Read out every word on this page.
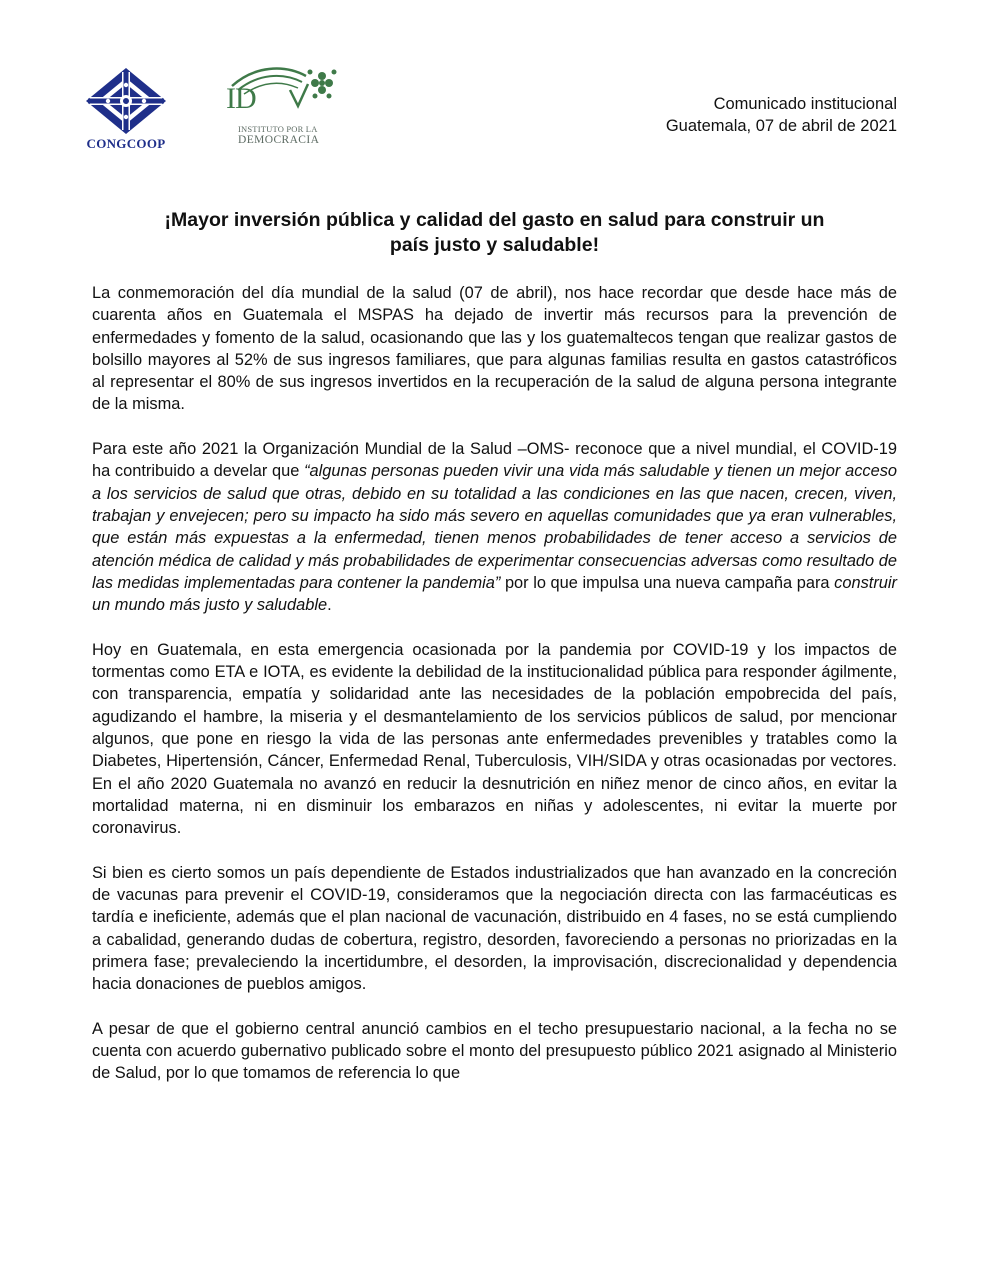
CONGCOOP
ID
INSTITUTO POR LA
DEMOCRACIA
Comunicado institucional
Guatemala, 07 de abril de 2021
¡Mayor inversión pública y calidad del gasto en salud para construir un
país justo y saludable!

La conmemoración del día mundial de la salud (07 de abril), nos hace recordar que desde hace más de cuarenta años en Guatemala el MSPAS ha dejado de invertir más recursos para la prevención de enfermedades y fomento de la salud, ocasionando que las y los guatemaltecos tengan que realizar gastos de bolsillo mayores al 52% de sus ingresos familiares, que para algunas familias resulta en gastos catastróficos al representar el 80% de sus ingresos invertidos en la recuperación de la salud de alguna persona integrante de la misma.

Para este año 2021 la Organización Mundial de la Salud –OMS- reconoce que a nivel mundial, el COVID-19 ha contribuido a develar que “algunas personas pueden vivir una vida más saludable y tienen un mejor acceso a los servicios de salud que otras, debido en su totalidad a las condiciones en las que nacen, crecen, viven, trabajan y envejecen; pero su impacto ha sido más severo en aquellas comunidades que ya eran vulnerables, que están más expuestas a la enfermedad, tienen menos probabilidades de tener acceso a servicios de atención médica de calidad y más probabilidades de experimentar consecuencias adversas como resultado de las medidas implementadas para contener la pandemia” por lo que impulsa una nueva campaña para construir un mundo más justo y saludable.

Hoy en Guatemala, en esta emergencia ocasionada por la pandemia por COVID-19 y los impactos de tormentas como ETA e IOTA, es evidente la debilidad de la institucionalidad pública para responder ágilmente, con transparencia, empatía y solidaridad ante las necesidades de la población empobrecida del país, agudizando el hambre, la miseria y el desmantelamiento de los servicios públicos de salud, por mencionar algunos, que pone en riesgo la vida de las personas ante enfermedades prevenibles y tratables como la Diabetes, Hipertensión, Cáncer, Enfermedad Renal, Tuberculosis, VIH/SIDA y otras ocasionadas por vectores. En el año 2020 Guatemala no avanzó en reducir la desnutrición en niñez menor de cinco años, en evitar la mortalidad materna, ni en disminuir los embarazos en niñas y adolescentes, ni evitar la muerte por coronavirus.

Si bien es cierto somos un país dependiente de Estados industrializados que han avanzado en la concreción de vacunas para prevenir el COVID-19, consideramos que la negociación directa con las farmacéuticas es tardía e ineficiente, además que el plan nacional de vacunación, distribuido en 4 fases, no se está cumpliendo a cabalidad, generando dudas de cobertura, registro, desorden, favoreciendo a personas no priorizadas en la primera fase; prevaleciendo la incertidumbre, el desorden, la improvisación, discrecionalidad y dependencia hacia donaciones de pueblos amigos.

A pesar de que el gobierno central anunció cambios en el techo presupuestario nacional, a la fecha no se cuenta con acuerdo gubernativo publicado sobre el monto del presupuesto público 2021 asignado al Ministerio de Salud, por lo que tomamos de referencia lo que
